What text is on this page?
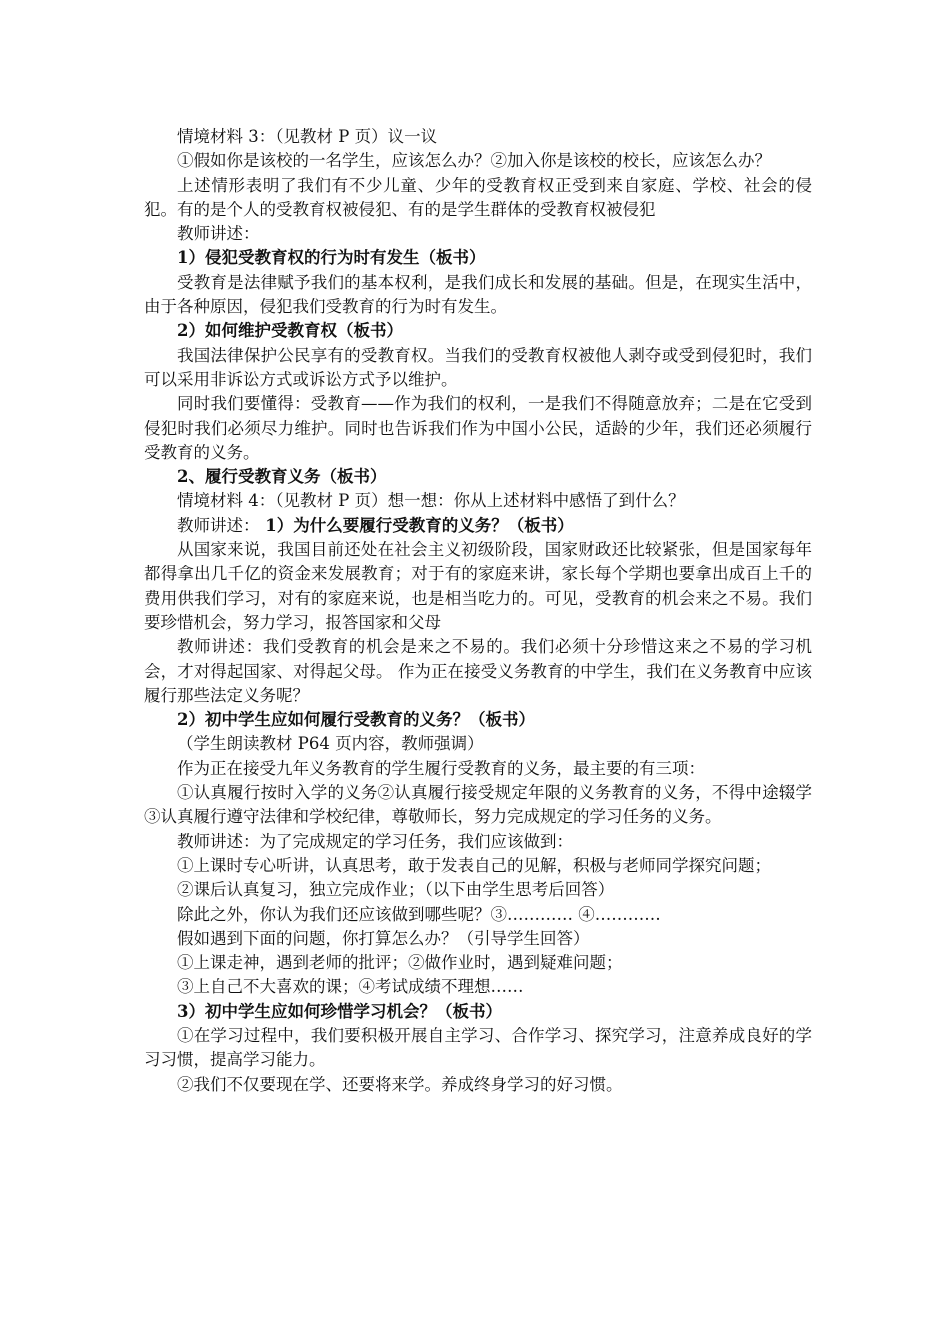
情境材料 3：（见教材 P 页）议一议

①假如你是该校的一名学生，应该怎么办？②加入你是该校的校长，应该怎么办？

上述情形表明了我们有不少儿童、少年的受教育权正受到来自家庭、学校、社会的侵犯。有的是个人的受教育权被侵犯、有的是学生群体的受教育权被侵犯

教师讲述：

1）侵犯受教育权的行为时有发生（板书）

受教育是法律赋予我们的基本权利，是我们成长和发展的基础。但是，在现实生活中，由于各种原因，侵犯我们受教育的行为时有发生。

2）如何维护受教育权（板书）

我国法律保护公民享有的受教育权。当我们的受教育权被他人剥夺或受到侵犯时，我们可以采用非诉讼方式或诉讼方式予以维护。

同时我们要懂得：受教育——作为我们的权利，一是我们不得随意放弃；二是在它受到侵犯时我们必须尽力维护。同时也告诉我们作为中国小公民，适龄的少年，我们还必须履行受教育的义务。

2、履行受教育义务（板书）

情境材料 4：（见教材 P 页）想一想：你从上述材料中感悟了到什么？

教师讲述： 1）为什么要履行受教育的义务？（板书）

从国家来说，我国目前还处在社会主义初级阶段，国家财政还比较紧张，但是国家每年都得拿出几千亿的资金来发展教育；对于有的家庭来讲，家长每个学期也要拿出成百上千的费用供我们学习，对有的家庭来说，也是相当吃力的。可见，受教育的机会来之不易。我们要珍惜机会，努力学习，报答国家和父母

教师讲述：我们受教育的机会是来之不易的。我们必须十分珍惜这来之不易的学习机会，才对得起国家、对得起父母。 作为正在接受义务教育的中学生，我们在义务教育中应该履行那些法定义务呢？

2）初中学生应如何履行受教育的义务？（板书）

（学生朗读教材 P64 页内容，教师强调）

作为正在接受九年义务教育的学生履行受教育的义务，最主要的有三项：

①认真履行按时入学的义务②认真履行接受规定年限的义务教育的义务，不得中途辍学③认真履行遵守法律和学校纪律，尊敬师长，努力完成规定的学习任务的义务。

教师讲述：为了完成规定的学习任务，我们应该做到：

①上课时专心听讲，认真思考，敢于发表自己的见解，积极与老师同学探究问题；

②课后认真复习，独立完成作业；（以下由学生思考后回答）

除此之外，你认为我们还应该做到哪些呢？③………… ④…………

假如遇到下面的问题，你打算怎么办？（引导学生回答）

①上课走神，遇到老师的批评；②做作业时，遇到疑难问题；

③上自己不大喜欢的课；④考试成绩不理想……

3）初中学生应如何珍惜学习机会？（板书）

①在学习过程中，我们要积极开展自主学习、合作学习、探究学习，注意养成良好的学习习惯，提高学习能力。

②我们不仅要现在学、还要将来学。养成终身学习的好习惯。
